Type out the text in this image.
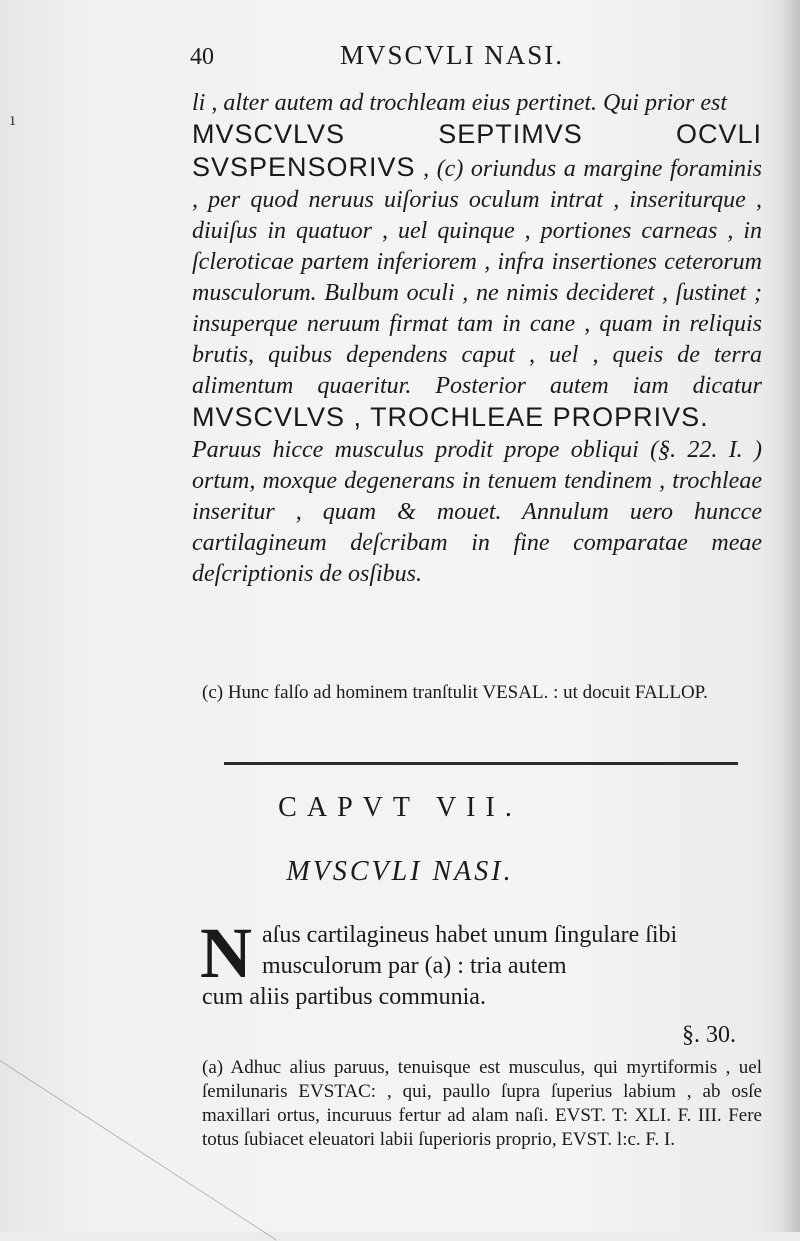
ı
40	MVSCVLI NASI.

li , alter autem ad trochleam eius pertinet. Qui prior est

MVSCVLVS SEPTIMVS OCVLI SVSPENSORIVS , (c) oriundus a margine foraminis , per quod neruus uiſorius oculum intrat , inseriturque , diuiſus in quatuor , uel quinque , portiones carneas , in ſcleroticae partem inferiorem , infra insertiones ceterorum musculorum. Bulbum oculi , ne nimis decideret , ſustinet ; insuperque neruum firmat tam in cane , quam in reliquis brutis, quibus dependens caput , uel , queis de terra alimentum quaeritur. Posterior autem iam dicatur MVSCVLVS , TROCHLEAE PROPRIVS.

Paruus hicce musculus prodit prope obliqui (§. 22. I. ) ortum, moxque degenerans in tenuem tendinem , trochleae inseritur , quam & mouet. Annulum uero huncce cartilagineum deſcribam in fine comparatae meae deſcriptionis de osſibus.

(c) Hunc falſo ad hominem tranſtulit VESAL. : ut docuit FALLOP.
CAPVT VII.
MVSCVLI NASI.
N aſus cartilagineus habet unum ſingulare ſibi musculorum par (a) : tria autem
cum aliis partibus communia.
§. 30.
(a) Adhuc alius paruus, tenuisque est musculus, qui myrtiformis , uel ſemilunaris EVSTAC: , qui, paullo ſupra ſuperius labium , ab osſe maxillari ortus, incuruus fertur ad alam naſi. EVST. T: XLI. F. III. Fere totus ſubiacet eleuatori labii ſuperioris proprio, EVST. l:c. F. I.
